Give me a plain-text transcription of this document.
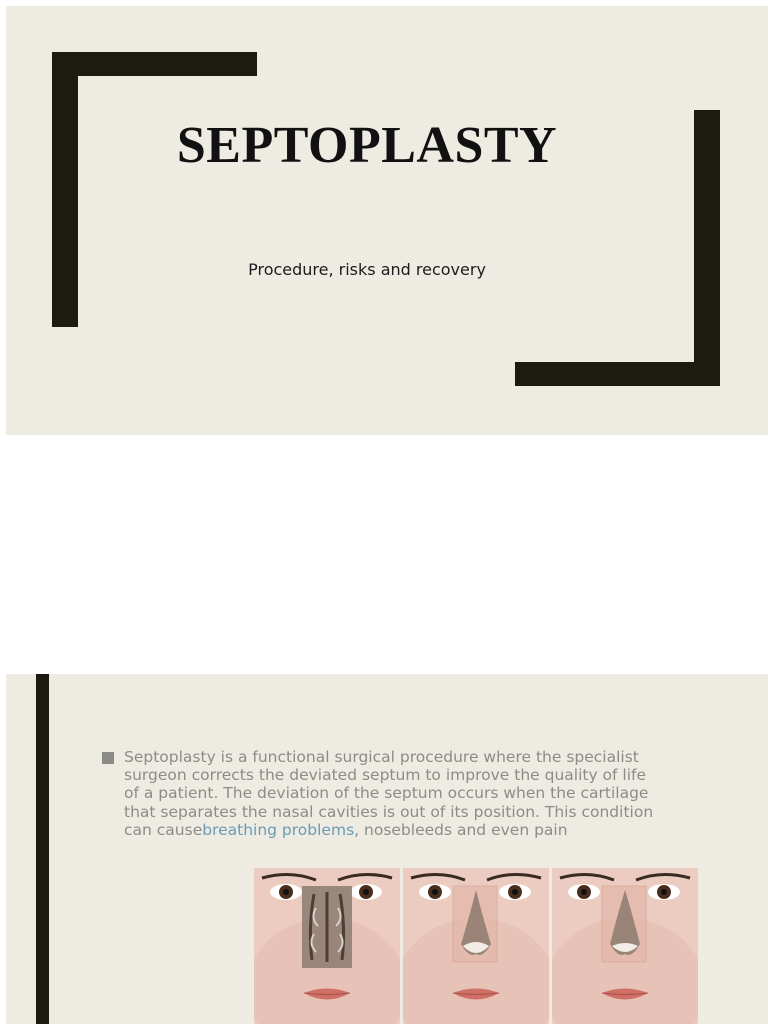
SEPTOPLASTY
Procedure, risks and recovery
Septoplasty is a functional surgical procedure where the specialist surgeon corrects the deviated septum to improve the quality of life of a patient. The deviation of the septum occurs when the cartilage that separates the nasal cavities is out of its position. This condition can causebreathing problems, nosebleeds and even pain
